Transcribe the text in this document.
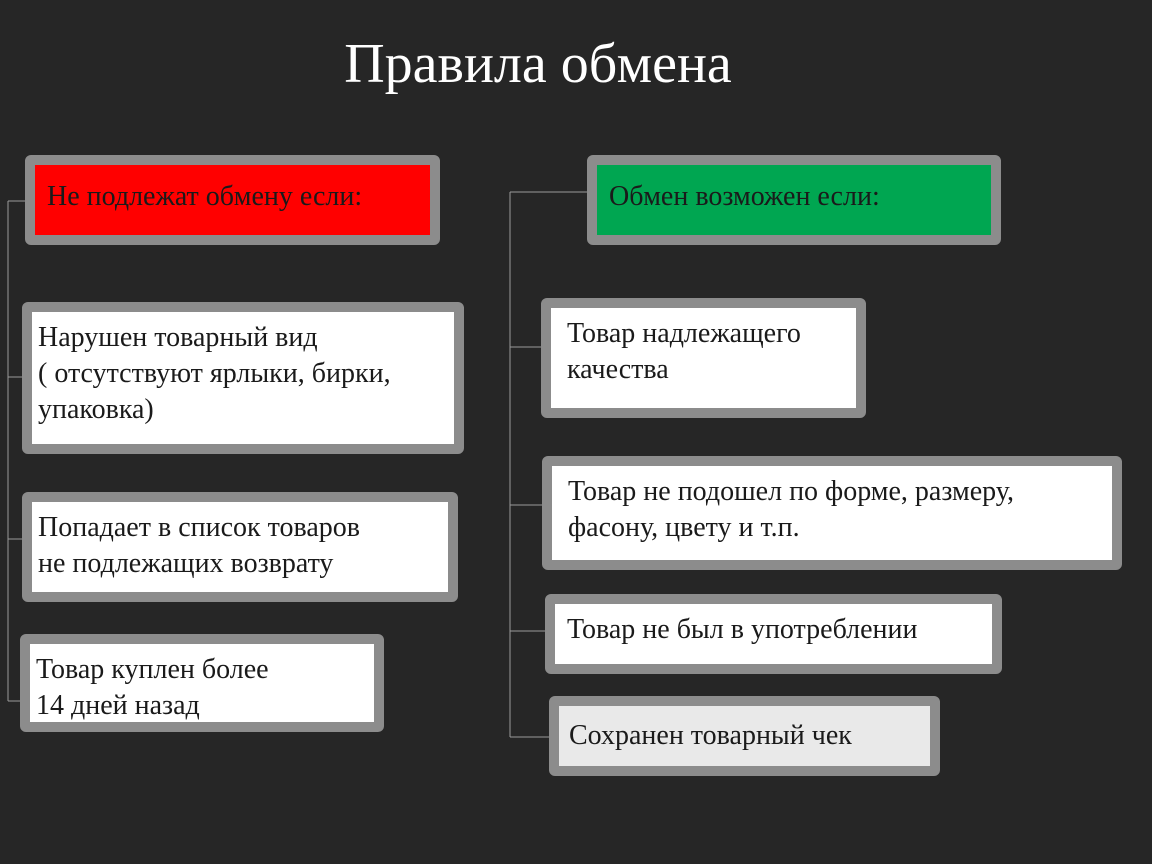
Правила обмена
Не подлежат обмену если:
Нарушен товарный вид
( отсутствуют ярлыки, бирки,
упаковка)
Попадает в список товаров
не подлежащих возврату
Товар куплен более
14 дней назад
Обмен возможен если:
Товар надлежащего
качества
Товар не подошел по форме, размеру,
фасону, цвету и т.п.
Товар не был в употреблении
Сохранен товарный чек
